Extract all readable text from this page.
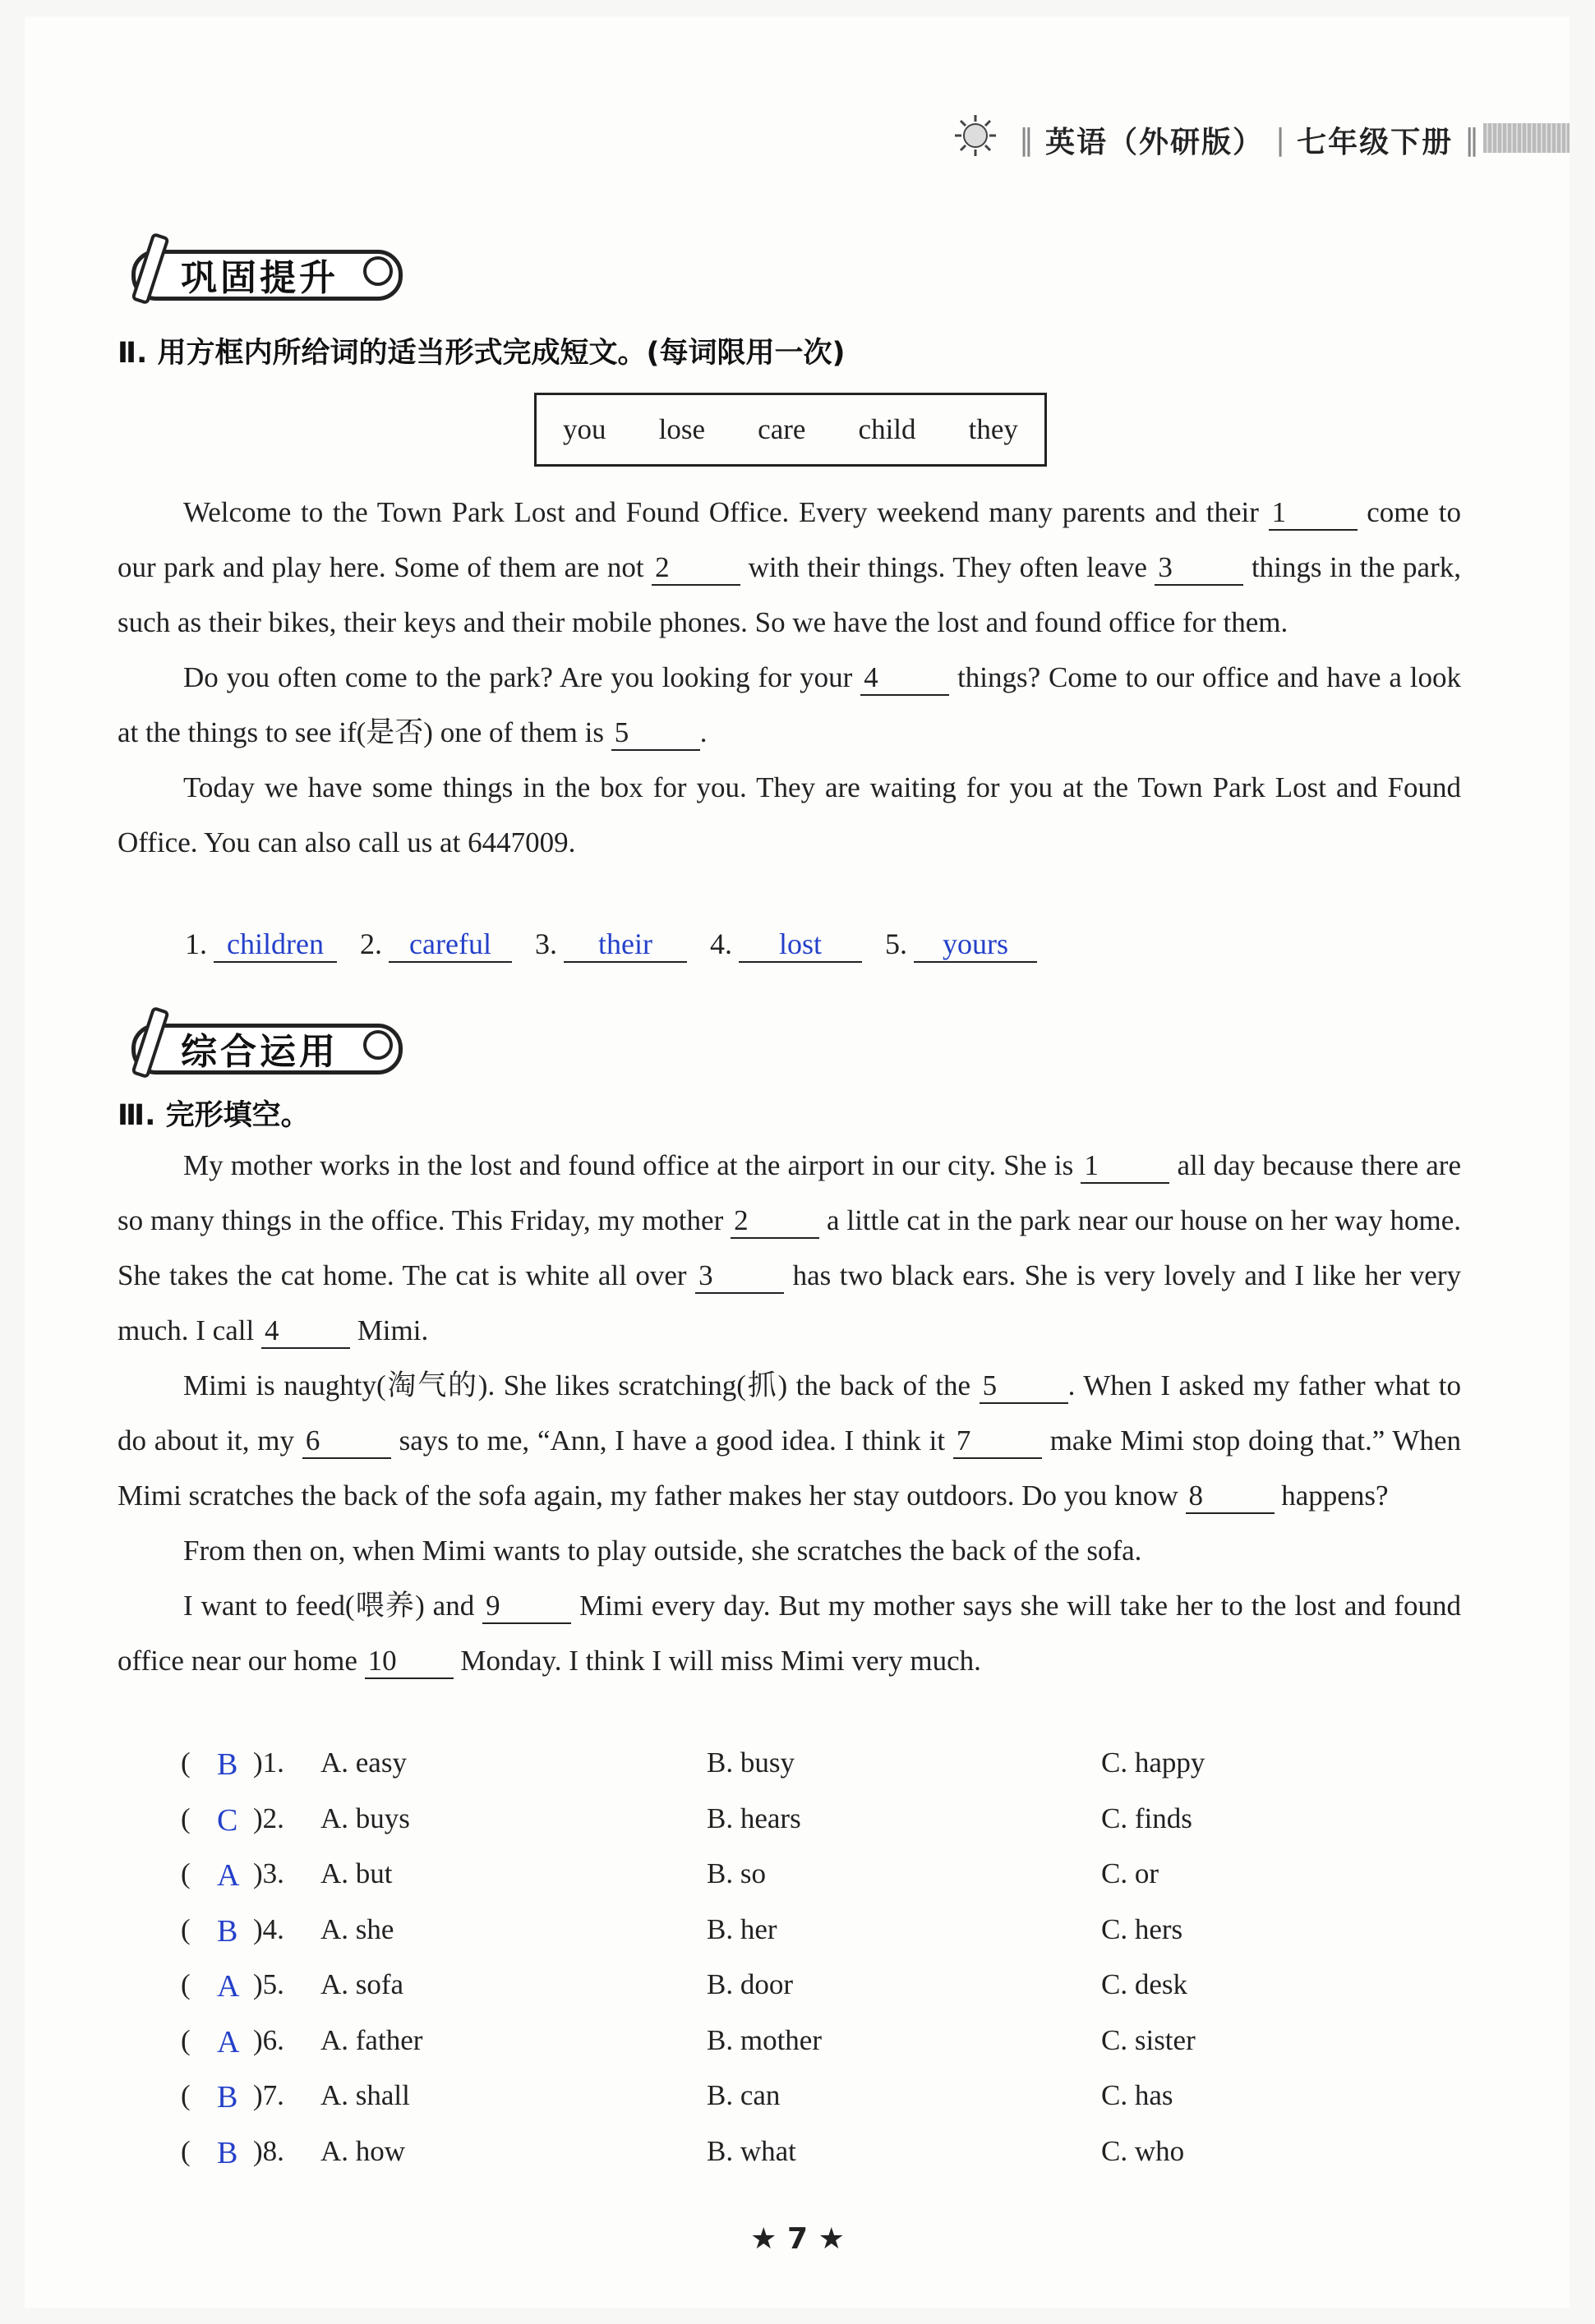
‖ 英语（外研版） | 七年级下册 ‖
巩固提升
Ⅱ. 用方框内所给词的适当形式完成短文。(每词限用一次)
you lose care child they

Welcome to the Town Park Lost and Found Office. Every weekend many parents and their 1 come to our park and play here. Some of them are not 2 with their things. They often leave 3 things in the park, such as their bikes, their keys and their mobile phones. So we have the lost and found office for them.

Do you often come to the park? Are you looking for your 4 things? Come to our office and have a look at the things to see if(是否) one of them is 5 .

Today we have some things in the box for you. They are waiting for you at the Town Park Lost and Found Office. You can also call us at 6447009.

1. children	2. careful	3.	their	4.	lost	5.	yours
综合运用
Ⅲ. 完形填空。

My mother works in the lost and found office at the airport in our city. She is 1 all day because there are so many things in the office. This Friday, my mother 2 a little cat in the park near our house on her way home. She takes the cat home. The cat is white all over 3 has two black ears. She is very lovely and I like her very much. I call 4 Mimi.

Mimi is naughty(淘气的). She likes scratching(抓) the back of the 5 . When I asked my father what to do about it, my 6 says to me, “Ann, I have a good idea. I think it 7 make Mimi stop doing that.” When Mimi scratches the back of the sofa again, my father makes her stay outdoors. Do you know 8 happens?

From then on, when Mimi wants to play outside, she scratches the back of the sofa.

I want to feed(喂养) and 9 Mimi every day. But my mother says she will take her to the lost and found office near our home 10 Monday. I think I will miss Mimi very much.

( B )1. A. easy	B. busy	C. happy
( C )2. A. buys	B. hears	C. finds
( A )3. A. but	B. so	C. or
( B )4. A. she	B. her	C. hers
( A )5. A. sofa	B. door	C. desk
( A )6. A. father	B. mother	C. sister
( B )7. A. shall	B. can	C. has
( B )8. A. how	B. what	C. who
★ 7 ★
